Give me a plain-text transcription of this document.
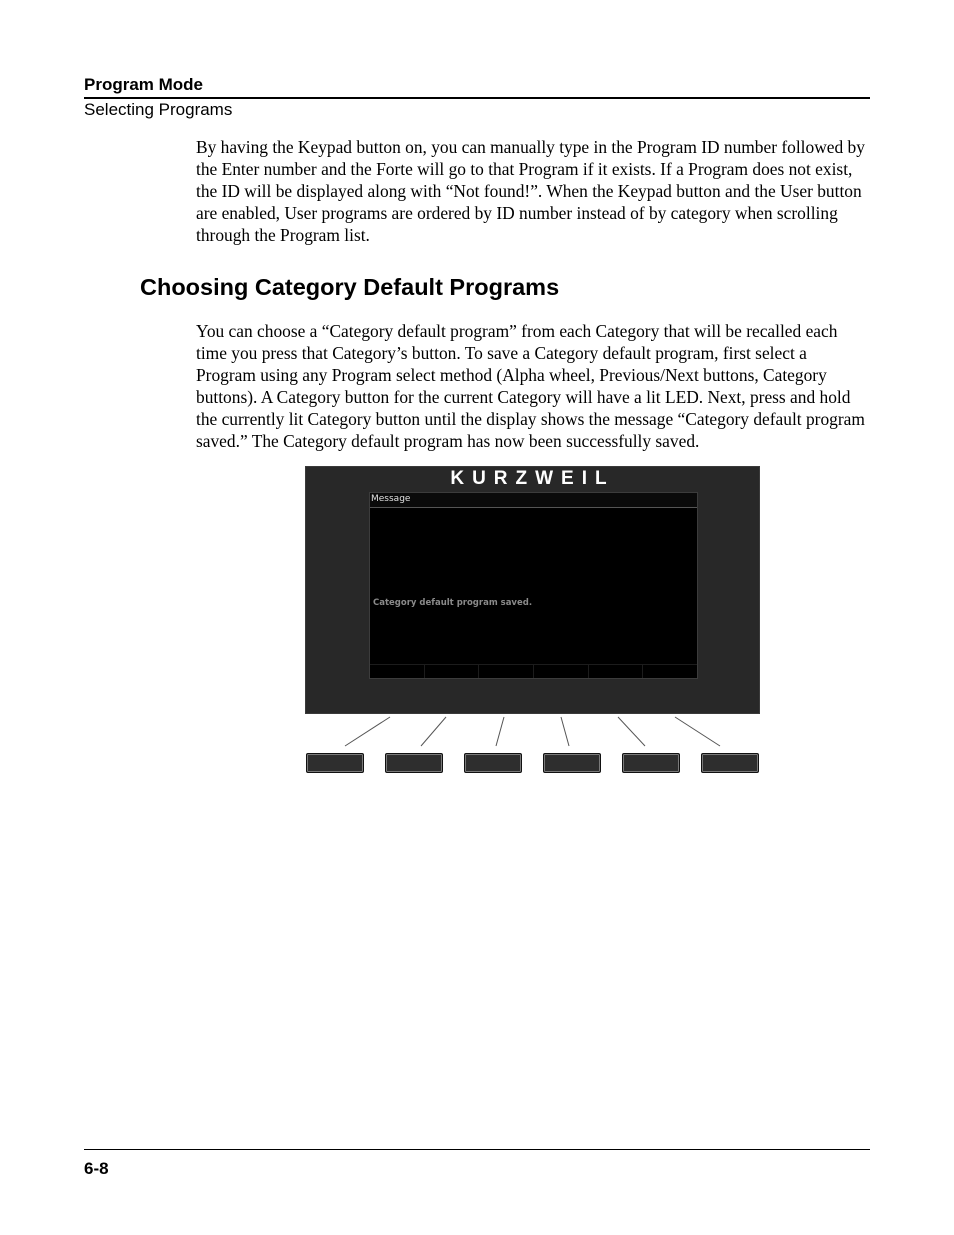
Program Mode
Selecting Programs

By having the Keypad button on, you can manually type in the Program ID number followed by the Enter number and the Forte will go to that Program if it exists. If a Program does not exist, the ID will be displayed along with “Not found!”. When the Keypad button and the User button are enabled, User programs are ordered by ID number instead of by category when scrolling through the Program list.

Choosing Category Default Programs

You can choose a “Category default program” from each Category that will be recalled each time you press that Category’s button. To save a Category default program, first select a Program using any Program select method (Alpha wheel, Previous/Next buttons, Category buttons). A Category button for the current Category will have a lit LED. Next, press and hold the currently lit Category button until the display shows the message “Category default program saved.” The Category default program has now been successfully saved.

KURZWEIL
Message
Category default program saved.
6-8
